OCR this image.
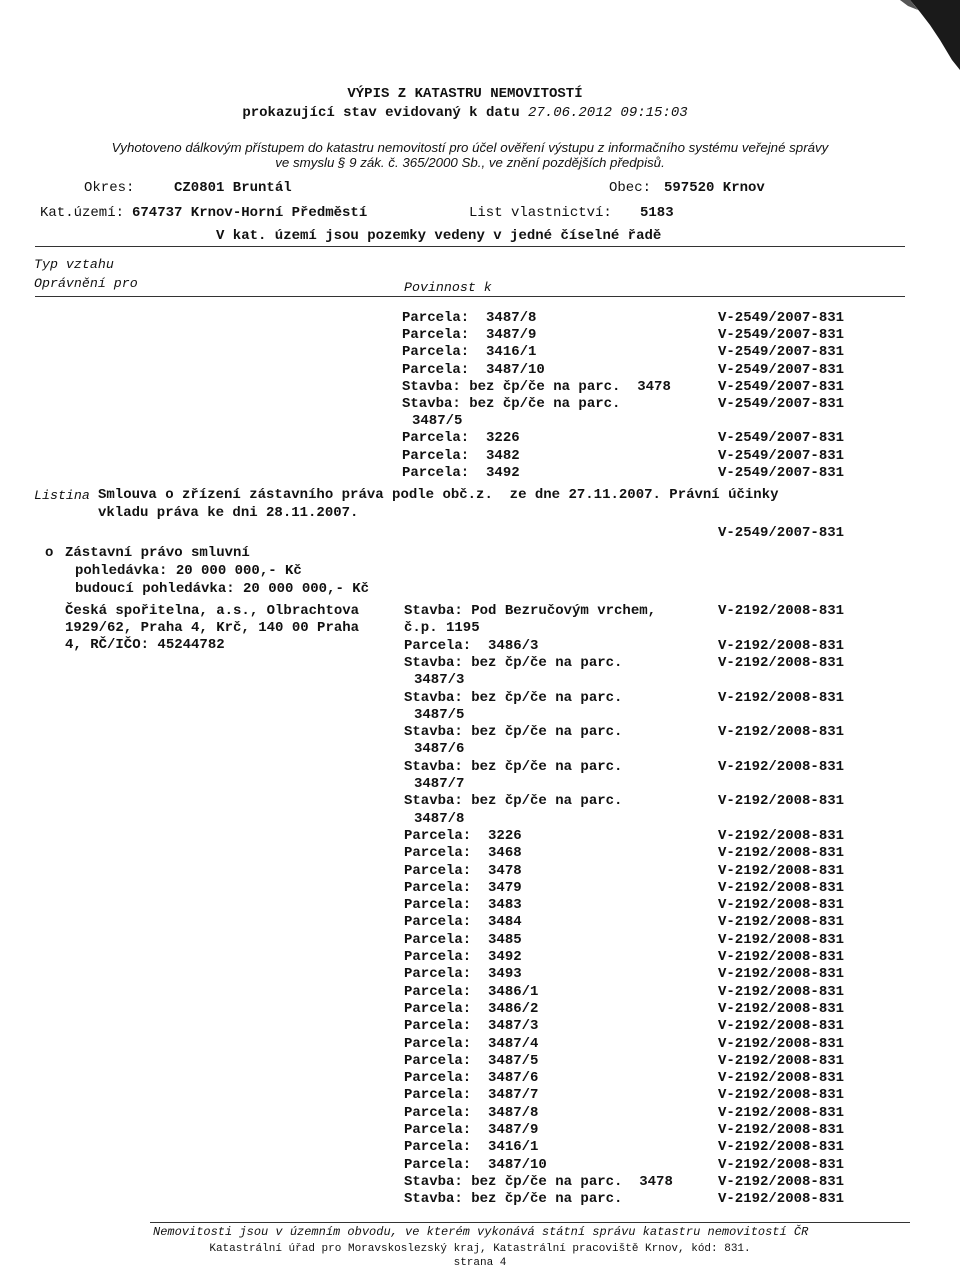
VÝPIS Z KATASTRU NEMOVITOSTÍ
prokazující stav evidovaný k datu 27.06.2012 09:15:03
Vyhotoveno dálkovým přístupem do katastru nemovitostí pro účel ověření výstupu z informačního systému veřejné správy
ve smyslu § 9 zák. č. 365/2000 Sb., ve znění pozdějších předpisů.
Okres:	CZ0801 Bruntál	Obec: 597520 Krnov
Kat.území: 674737 Krnov-Horní Předměstí	List vlastnictví: 5183
V kat. území jsou pozemky vedeny v jedné číselné řadě
Typ vztahu
Oprávnění pro	Povinnost k
Parcela:  3487/8	V-2549/2007-831
Parcela:  3487/9	V-2549/2007-831
Parcela:  3416/1	V-2549/2007-831
Parcela:  3487/10	V-2549/2007-831
Stavba: bez čp/če na parc.  3478	V-2549/2007-831
Stavba: bez čp/če na parc.	V-2549/2007-831
3487/5
Parcela:  3226	V-2549/2007-831
Parcela:  3482	V-2549/2007-831
Parcela:  3492	V-2549/2007-831
Listina Smlouva o zřízení zástavního práva podle obč.z.  ze dne 27.11.2007. Právní účinky
vkladu práva ke dni 28.11.2007.
V-2549/2007-831
o Zástavní právo smluvní
pohledávka: 20 000 000,- Kč
budoucí pohledávka: 20 000 000,- Kč
Česká spořitelna, a.s., Olbrachtova
1929/62, Praha 4, Krč, 140 00 Praha
4, RČ/IČO: 45244782
Stavba: Pod Bezručovým vrchem,	V-2192/2008-831
č.p. 1195
Parcela:  3486/3	V-2192/2008-831
Stavba: bez čp/če na parc.	V-2192/2008-831
3487/3
Stavba: bez čp/če na parc.	V-2192/2008-831
3487/5
Stavba: bez čp/če na parc.	V-2192/2008-831
3487/6
Stavba: bez čp/če na parc.	V-2192/2008-831
3487/7
Stavba: bez čp/če na parc.	V-2192/2008-831
3487/8
Parcela:  3226	V-2192/2008-831
Parcela:  3468	V-2192/2008-831
Parcela:  3478	V-2192/2008-831
Parcela:  3479	V-2192/2008-831
Parcela:  3483	V-2192/2008-831
Parcela:  3484	V-2192/2008-831
Parcela:  3485	V-2192/2008-831
Parcela:  3492	V-2192/2008-831
Parcela:  3493	V-2192/2008-831
Parcela:  3486/1	V-2192/2008-831
Parcela:  3486/2	V-2192/2008-831
Parcela:  3487/3	V-2192/2008-831
Parcela:  3487/4	V-2192/2008-831
Parcela:  3487/5	V-2192/2008-831
Parcela:  3487/6	V-2192/2008-831
Parcela:  3487/7	V-2192/2008-831
Parcela:  3487/8	V-2192/2008-831
Parcela:  3487/9	V-2192/2008-831
Parcela:  3416/1	V-2192/2008-831
Parcela:  3487/10	V-2192/2008-831
Stavba: bez čp/če na parc.  3478	V-2192/2008-831
Stavba: bez čp/če na parc.	V-2192/2008-831
Nemovitosti jsou v územním obvodu, ve kterém vykonává státní správu katastru nemovitostí ČR
Katastrální úřad pro Moravskoslezský kraj, Katastrální pracoviště Krnov, kód: 831.
strana 4
